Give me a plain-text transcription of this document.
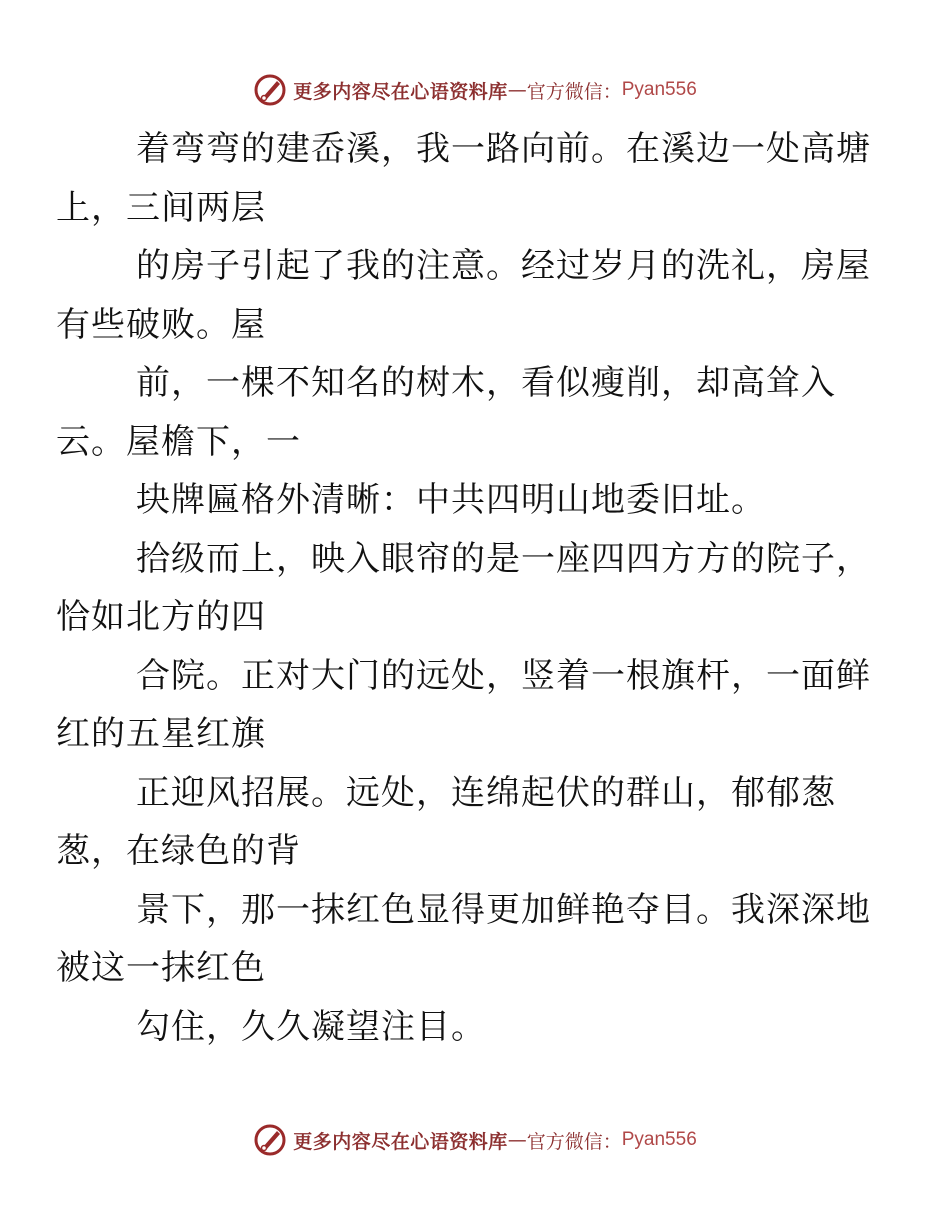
更多内容尽在心语资料库 — 官方微信： Pyan556

着弯弯的建岙溪，我一路向前。在溪边一处高塘
上，三间两层

的房子引起了我的注意。经过岁月的洗礼，房屋
有些破败。屋

前，一棵不知名的树木，看似瘦削，却高耸入
云。屋檐下，一

块牌匾格外清晰：中共四明山地委旧址。

拾级而上，映入眼帘的是一座四四方方的院子，
恰如北方的四

合院。正对大门的远处，竖着一根旗杆，一面鲜
红的五星红旗

正迎风招展。远处，连绵起伏的群山，郁郁葱
葱，在绿色的背

景下，那一抹红色显得更加鲜艳夺目。我深深地
被这一抹红色

勾住，久久凝望注目。

更多内容尽在心语资料库 — 官方微信： Pyan556
